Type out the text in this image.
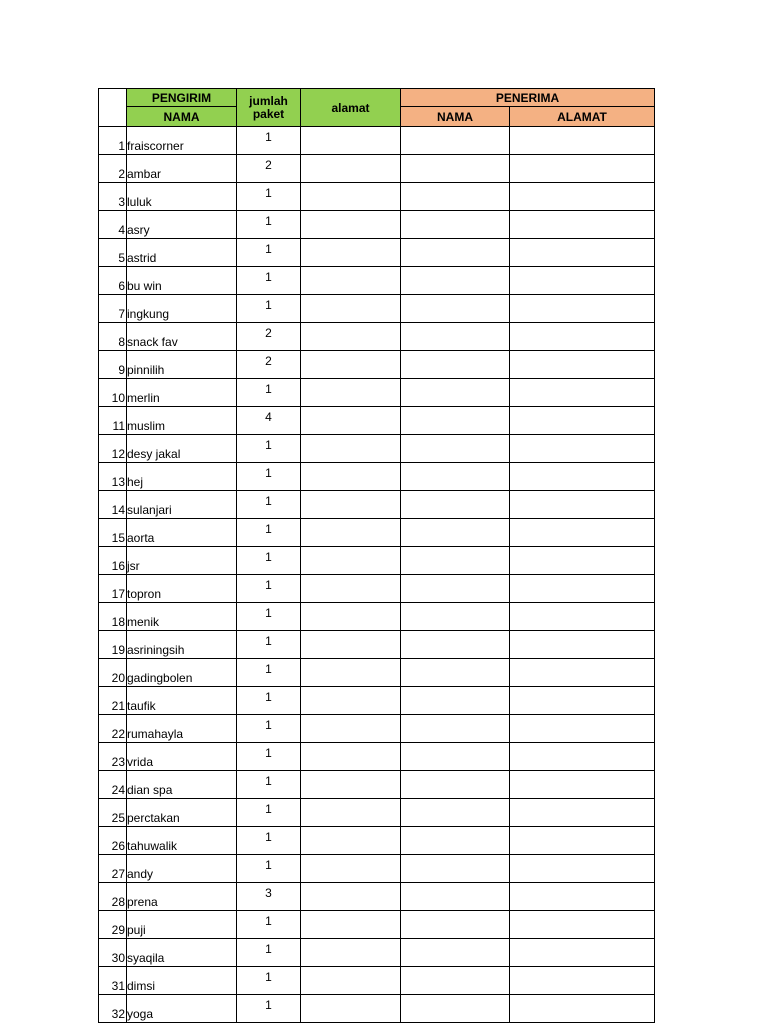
	PENGIRIM	jumlah
paket	alamat	PENERIMA	
	NAMA			NAMA	ALAMAT
1	fraiscorner	1			
2	ambar	2			
3	luluk	1			
4	asry	1			
5	astrid	1			
6	bu win	1			
7	ingkung	1			
8	snack fav	2			
9	pinnilih	2			
10	merlin	1			
11	muslim	4			
12	desy jakal	1			
13	hej	1			
14	sulanjari	1			
15	aorta	1			
16	jsr	1			
17	topron	1			
18	menik	1			
19	asriningsih	1			
20	gadingbolen	1			
21	taufik	1			
22	rumahayla	1			
23	vrida	1			
24	dian spa	1			
25	perctakan	1			
26	tahuwalik	1			
27	andy	1			
28	prena	3			
29	puji	1			
30	syaqila	1			
31	dimsi	1			
32	yoga	1			
